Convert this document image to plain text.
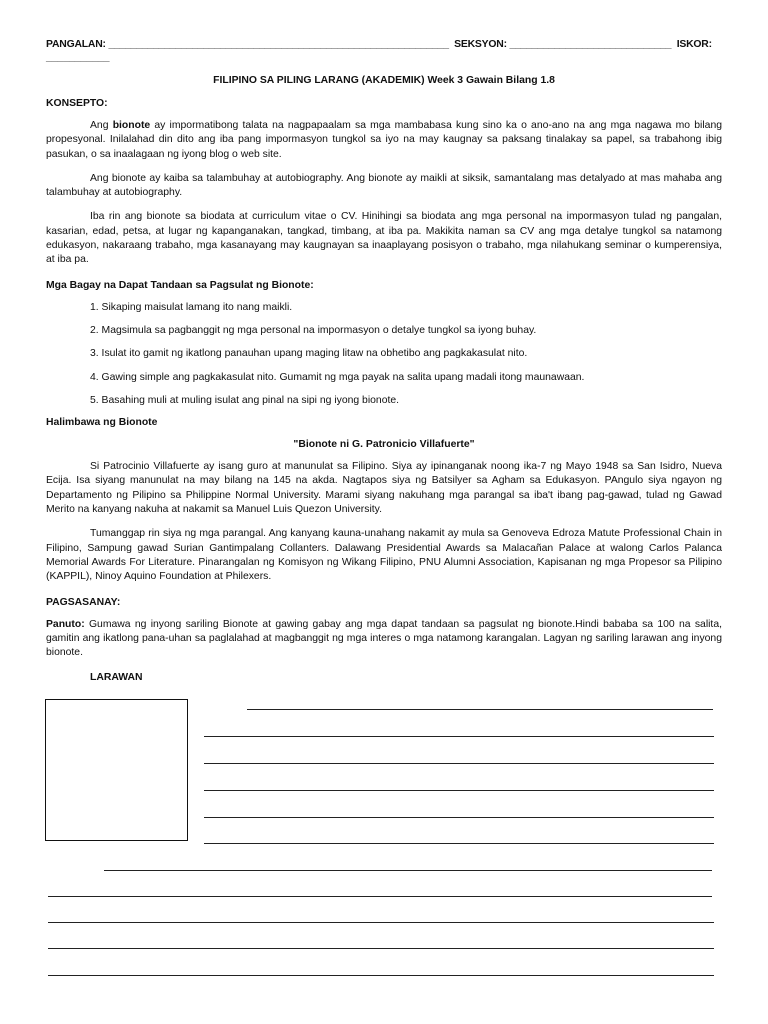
PANGALAN: _____________________________________________________________ SEKSYON: _____________________________ ISKOR:
___________
FILIPINO SA PILING LARANG (AKADEMIK) Week 3 Gawain Bilang 1.8
KONSEPTO:

Ang bionote ay impormatibong talata na nagpapaalam sa mga mambabasa kung sino ka o ano-ano na ang mga nagawa mo bilang propesyonal. Inilalahad din dito ang iba pang impormasyon tungkol sa iyo na may kaugnay sa paksang tinalakay sa papel, sa trabahong ibig pasukan, o sa inaalagaan ng iyong blog o web site.

Ang bionote ay kaiba sa talambuhay at autobiography. Ang bionote ay maikli at siksik, samantalang mas detalyado at mas mahaba ang talambuhay at autobiography.

Iba rin ang bionote sa biodata at curriculum vitae o CV. Hinihingi sa biodata ang mga personal na impormasyon tulad ng pangalan, kasarian, edad, petsa, at lugar ng kapanganakan, tangkad, timbang, at iba pa. Makikita naman sa CV ang mga detalye tungkol sa natamong edukasyon, nakaraang trabaho, mga kasanayang may kaugnayan sa inaaplayang posisyon o trabaho, mga nilahukang seminar o kumperensiya, at iba pa.

Mga Bagay na Dapat Tandaan sa Pagsulat ng Bionote:
1. Sikaping maisulat lamang ito nang maikli.
2. Magsimula sa pagbanggit ng mga personal na impormasyon o detalye tungkol sa iyong buhay.
3. Isulat ito gamit ng ikatlong panauhan upang maging litaw na obhetibo ang pagkakasulat nito.
4. Gawing simple ang pagkakasulat nito. Gumamit ng mga payak na salita upang madali itong maunawaan.
5. Basahing muli at muling isulat ang pinal na sipi ng iyong bionote.
Halimbawa ng Bionote
"Bionote ni G. Patronicio Villafuerte"

Si Patrocinio Villafuerte ay isang guro at manunulat sa Filipino. Siya ay ipinanganak noong ika-7 ng Mayo 1948 sa San Isidro, Nueva Ecija. Isa siyang manunulat na may bilang na 145 na akda. Nagtapos siya ng Batsilyer sa Agham sa Edukasyon. PAngulo siya ngayon ng Departamento ng Pilipino sa Philippine Normal University. Marami siyang nakuhang mga parangal sa iba't ibang pag-gawad, tulad ng Gawad Merito na kanyang nakuha at nakamit sa Manuel Luis Quezon University.

Tumanggap rin siya ng mga parangal. Ang kanyang kauna-unahang nakamit ay mula sa Genoveva Edroza Matute Professional Chain in Filipino, Sampung gawad Surian Gantimpalang Collanters. Dalawang Presidential Awards sa Malacañan Palace at walong Carlos Palanca Memorial Awards For Literature. Pinarangalan ng Komisyon ng Wikang Filipino, PNU Alumni Association, Kapisanan ng mga Propesor sa Pilipino (KAPPIL), Ninoy Aquino Foundation at Philexers.

PAGSASANAY:

Panuto: Gumawa ng inyong sariling Bionote at gawing gabay ang mga dapat tandaan sa pagsulat ng bionote.Hindi bababa sa 100 na salita, gamitin ang ikatlong pana-uhan sa paglalahad at magbanggit ng mga interes o mga natamong karangalan. Lagyan ng sariling larawan ang inyong bionote.

LARAWAN
